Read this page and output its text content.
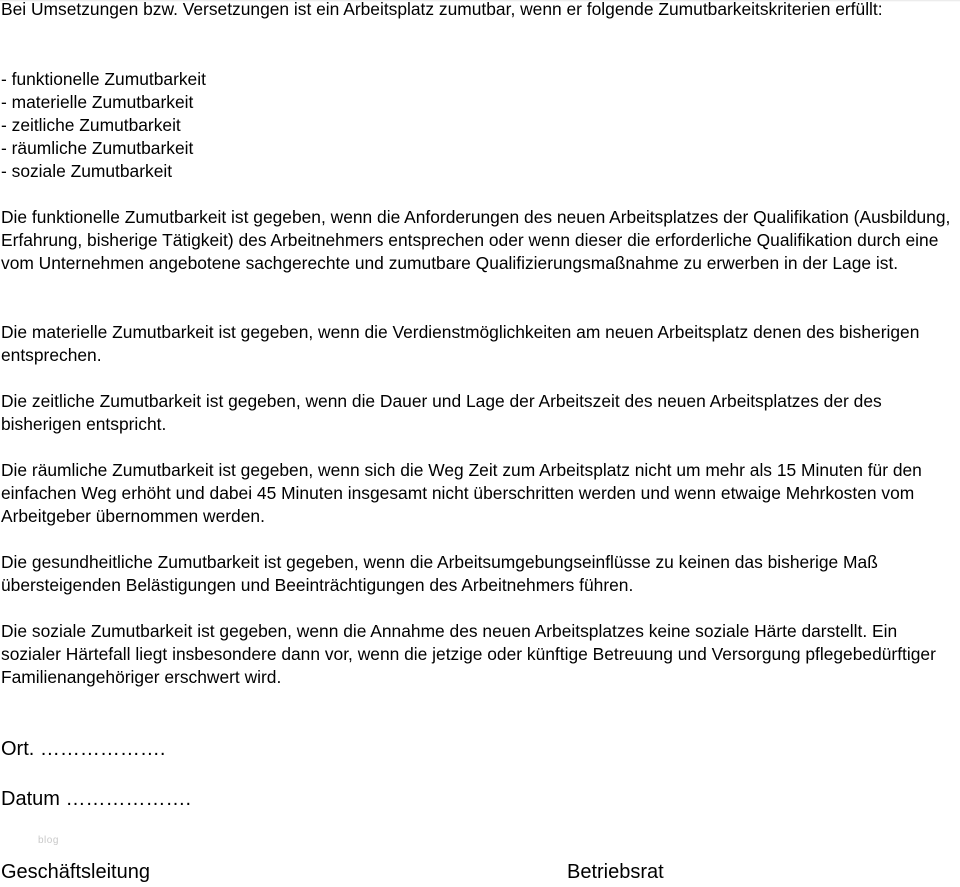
Bei Umsetzungen bzw. Versetzungen ist ein Arbeitsplatz zumutbar, wenn er folgende Zumutbarkeitskriterien erfüllt:

- funktionelle Zumutbarkeit
- materielle Zumutbarkeit
- zeitliche Zumutbarkeit
- räumliche Zumutbarkeit
- soziale Zumutbarkeit

Die funktionelle Zumutbarkeit ist gegeben, wenn die Anforderungen des neuen Arbeitsplatzes der Qualifikation (Ausbildung, Erfahrung, bisherige Tätigkeit) des Arbeitnehmers entsprechen oder wenn dieser die erforderliche Qualifikation durch eine vom Unternehmen angebotene sachgerechte und zumutbare Qualifizierungsmaßnahme zu erwerben in der Lage ist.

Die materielle Zumutbarkeit ist gegeben, wenn die Verdienstmöglichkeiten am neuen Arbeitsplatz denen des bisherigen entsprechen.

Die zeitliche Zumutbarkeit ist gegeben, wenn die Dauer und Lage der Arbeitszeit des neuen Arbeitsplatzes der des bisherigen entspricht.

Die räumliche Zumutbarkeit ist gegeben, wenn sich die Weg Zeit zum Arbeitsplatz nicht um mehr als 15 Minuten für den einfachen Weg erhöht und dabei 45 Minuten insgesamt nicht überschritten werden und wenn etwaige Mehrkosten vom Arbeitgeber übernommen werden.

Die gesundheitliche Zumutbarkeit ist gegeben, wenn die Arbeitsumgebungseinflüsse zu keinen das bisherige Maß übersteigenden Belästigungen und Beeinträchtigungen des Arbeitnehmers führen.

Die soziale Zumutbarkeit ist gegeben, wenn die Annahme des neuen Arbeitsplatzes keine soziale Härte darstellt. Ein sozialer Härtefall liegt insbesondere dann vor, wenn die jetzige oder künftige Betreuung und Versorgung pflegebedürftiger Familienangehöriger erschwert wird.

Ort. ……………….
Datum ……………….
blog
Geschäftsleitung	Betriebsrat
